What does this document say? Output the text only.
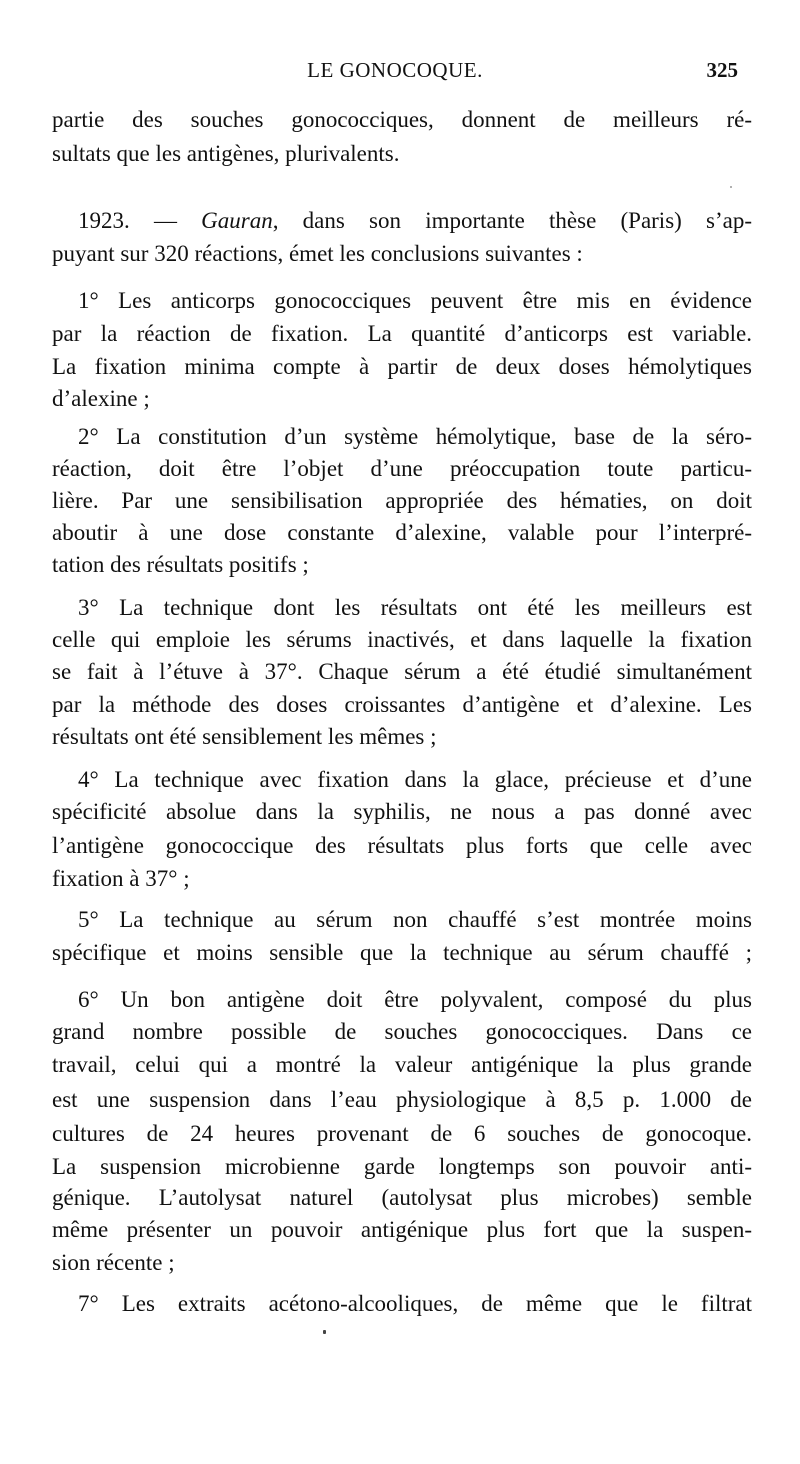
LE GONOCOQUE.	325
partie des souches gonococciques, donnent de meilleurs ré-
sultats que les antigènes, plurivalents.
1923. — Gauran, dans son importante thèse (Paris) s’ap-
puyant sur 320 réactions, émet les conclusions suivantes :
1° Les anticorps gonococciques peuvent être mis en évidence
par la réaction de fixation. La quantité d’anticorps est variable.
La fixation minima compte à partir de deux doses hémolytiques
d’alexine ;
2° La constitution d’un système hémolytique, base de la séro-
réaction, doit être l’objet d’une préoccupation toute particu-
lière. Par une sensibilisation appropriée des hématies, on doit
aboutir à une dose constante d’alexine, valable pour l’interpré-
tation des résultats positifs ;
3° La technique dont les résultats ont été les meilleurs est
celle qui emploie les sérums inactivés, et dans laquelle la fixation
se fait à l’étuve à 37°. Chaque sérum a été étudié simultanément
par la méthode des doses croissantes d’antigène et d’alexine. Les
résultats ont été sensiblement les mêmes ;
4° La technique avec fixation dans la glace, précieuse et d’une
spécificité absolue dans la syphilis, ne nous a pas donné avec
l’antigène gonococcique des résultats plus forts que celle avec
fixation à 37° ;
5° La technique au sérum non chauffé s’est montrée moins
spécifique et moins sensible que la technique au sérum chauffé ;
6° Un bon antigène doit être polyvalent, composé du plus
grand nombre possible de souches gonococciques. Dans ce
travail, celui qui a montré la valeur antigénique la plus grande
est une suspension dans l’eau physiologique à 8,5 p. 1.000 de
cultures de 24 heures provenant de 6 souches de gonocoque.
La suspension microbienne garde longtemps son pouvoir anti-
génique. L’autolysat naturel (autolysat plus microbes) semble
même présenter un pouvoir antigénique plus fort que la suspen-
sion récente ;
7° Les extraits acétono-alcooliques, de même que le filtrat
